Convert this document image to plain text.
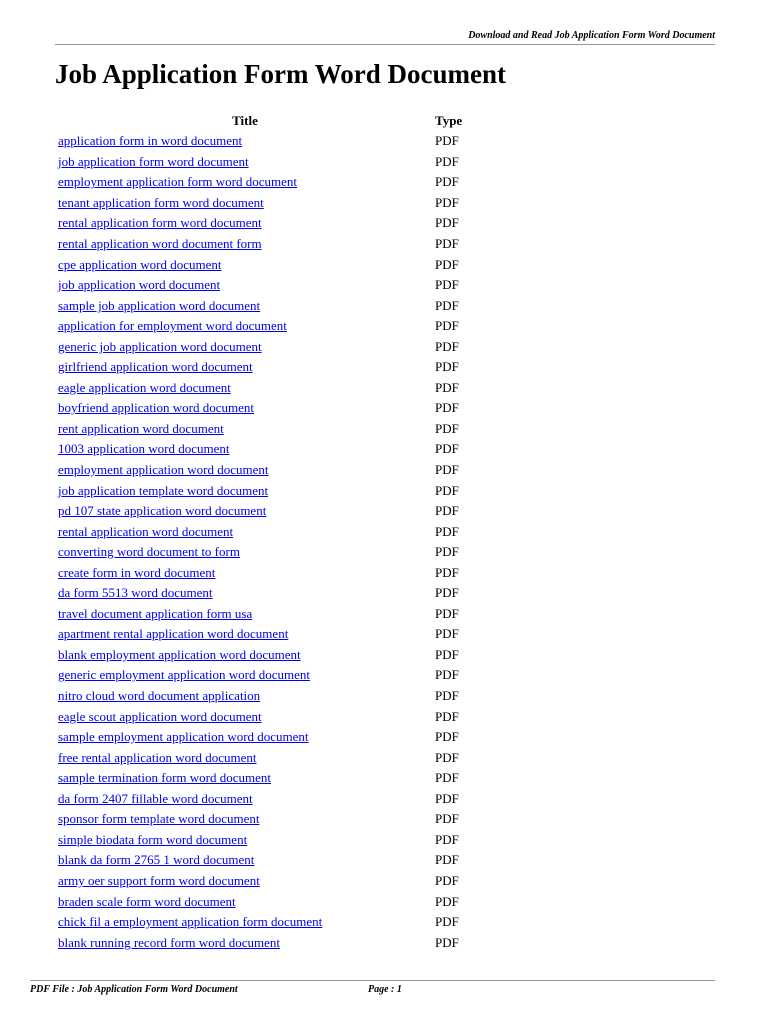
Download and Read Job Application Form Word Document
Job Application Form Word Document
Title	Type
application form in word document	PDF
job application form word document	PDF
employment application form word document	PDF
tenant application form word document	PDF
rental application form word document	PDF
rental application word document form	PDF
cpe application word document	PDF
job application word document	PDF
sample job application word document	PDF
application for employment word document	PDF
generic job application word document	PDF
girlfriend application word document	PDF
eagle application word document	PDF
boyfriend application word document	PDF
rent application word document	PDF
1003 application word document	PDF
employment application word document	PDF
job application template word document	PDF
pd 107 state application word document	PDF
rental application word document	PDF
converting word document to form	PDF
create form in word document	PDF
da form 5513 word document	PDF
travel document application form usa	PDF
apartment rental application word document	PDF
blank employment application word document	PDF
generic employment application word document	PDF
nitro cloud word document application	PDF
eagle scout application word document	PDF
sample employment application word document	PDF
free rental application word document	PDF
sample termination form word document	PDF
da form 2407 fillable word document	PDF
sponsor form template word document	PDF
simple biodata form word document	PDF
blank da form 2765 1 word document	PDF
army oer support form word document	PDF
braden scale form word document	PDF
chick fil a employment application form document	PDF
blank running record form word document	PDF
PDF File : Job Application Form Word Document	Page : 1
